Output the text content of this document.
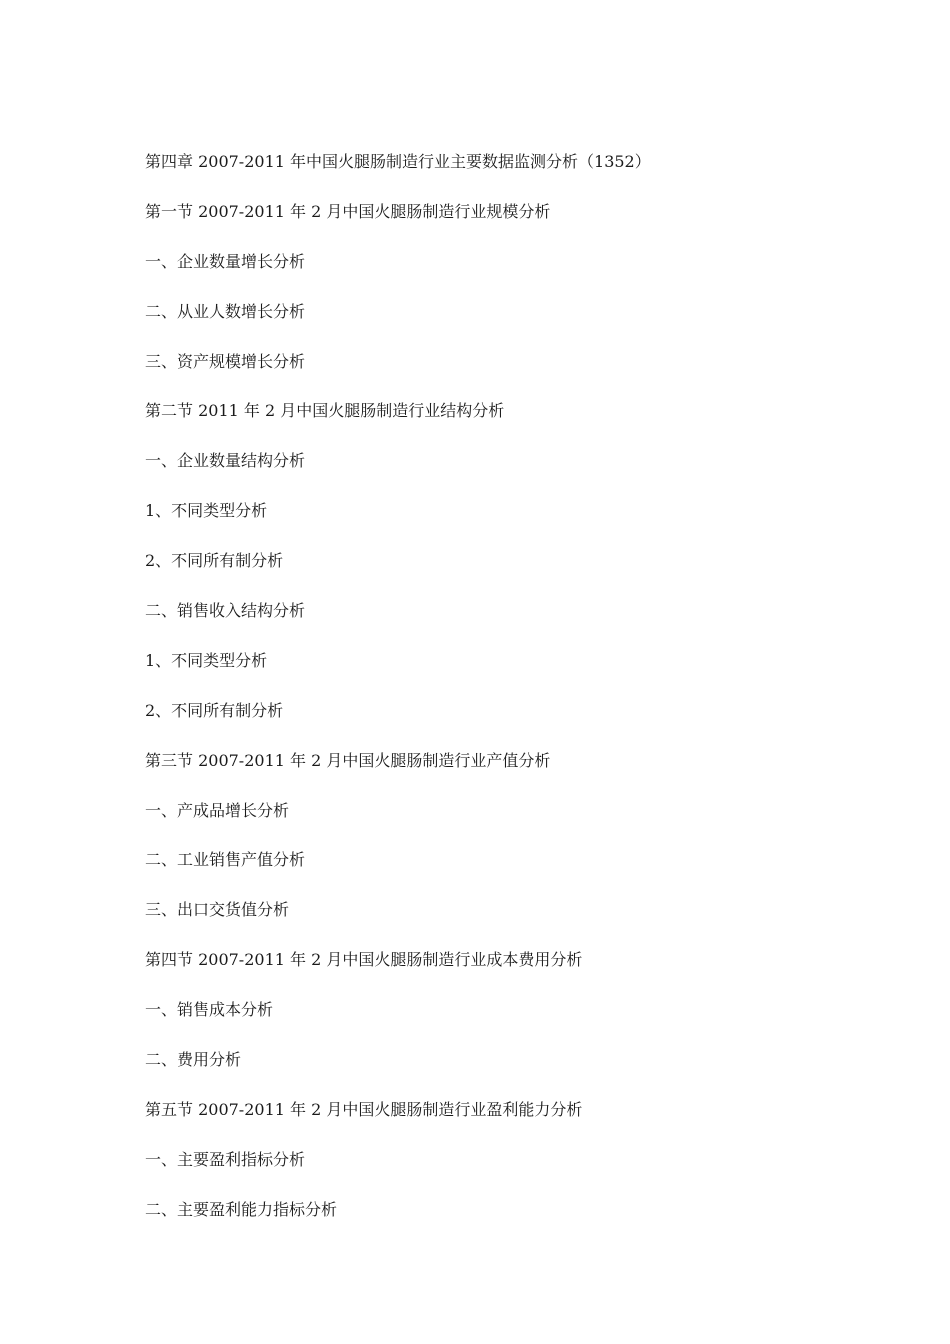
第四章 2007-2011 年中国火腿肠制造行业主要数据监测分析（1352）
第一节 2007-2011 年 2 月中国火腿肠制造行业规模分析
一、企业数量增长分析
二、从业人数增长分析
三、资产规模增长分析
第二节 2011 年 2 月中国火腿肠制造行业结构分析
一、企业数量结构分析
1、不同类型分析
2、不同所有制分析
二、销售收入结构分析
1、不同类型分析
2、不同所有制分析
第三节 2007-2011 年 2 月中国火腿肠制造行业产值分析
一、产成品增长分析
二、工业销售产值分析
三、出口交货值分析
第四节 2007-2011 年 2 月中国火腿肠制造行业成本费用分析
一、销售成本分析
二、费用分析
第五节 2007-2011 年 2 月中国火腿肠制造行业盈利能力分析
一、主要盈利指标分析
二、主要盈利能力指标分析
